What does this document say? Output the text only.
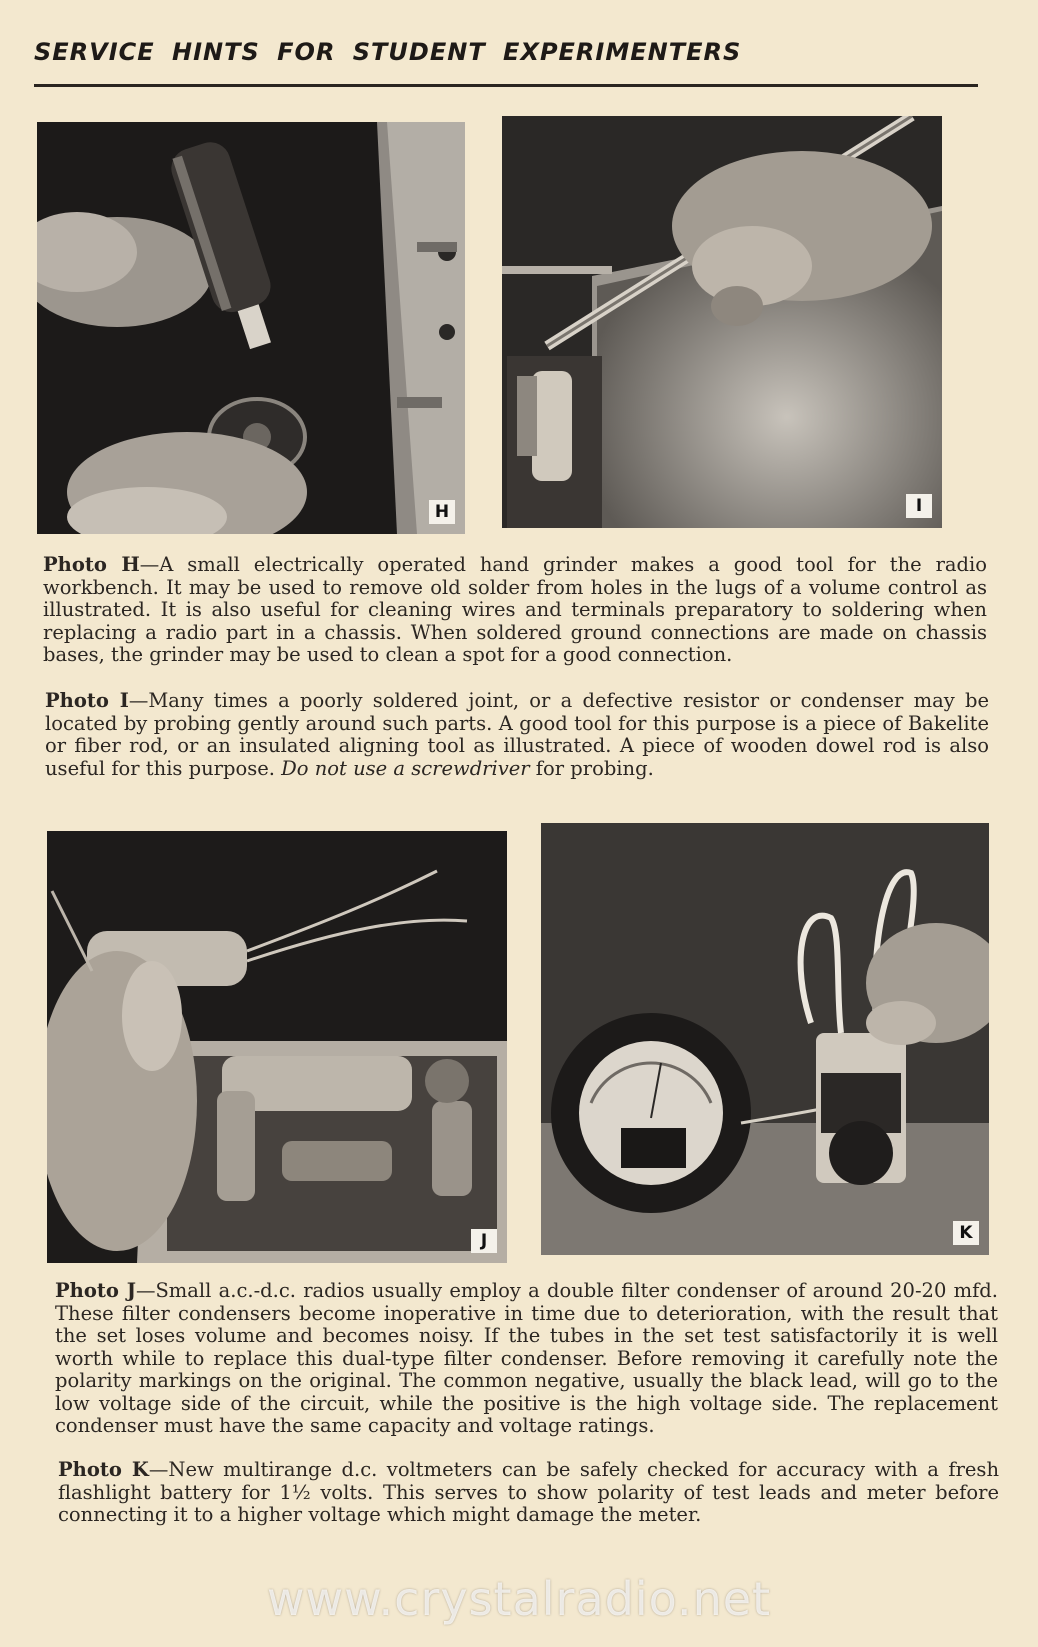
SERVICE HINTS FOR STUDENT EXPERIMENTERS
H	I

Photo H—A small electrically operated hand grinder makes a good tool for the radio workbench. It may be used to remove old solder from holes in the lugs of a volume control as illustrated. It is also useful for cleaning wires and terminals preparatory to soldering when replacing a radio part in a chassis. When soldered ground connections are made on chassis bases, the grinder may be used to clean a spot for a good connection.

Photo I—Many times a poorly soldered joint, or a defective resistor or condenser may be located by probing gently around such parts. A good tool for this purpose is a piece of Bakelite or fiber rod, or an insulated aligning tool as illustrated. A piece of wooden dowel rod is also useful for this purpose. Do not use a screwdriver for probing.

J	K

Photo J—Small a.c.-d.c. radios usually employ a double filter condenser of around 20-20 mfd. These filter condensers become inoperative in time due to deterioration, with the result that the set loses volume and becomes noisy. If the tubes in the set test satisfactorily it is well worth while to replace this dual-type filter condenser. Before removing it carefully note the polarity markings on the original. The common negative, usually the black lead, will go to the low voltage side of the circuit, while the positive is the high voltage side. The replacement condenser must have the same capacity and voltage ratings.

Photo K—New multirange d.c. voltmeters can be safely checked for accuracy with a fresh flashlight battery for 1½ volts. This serves to show polarity of test leads and meter before connecting it to a higher voltage which might damage the meter.

www.crystalradio.net
